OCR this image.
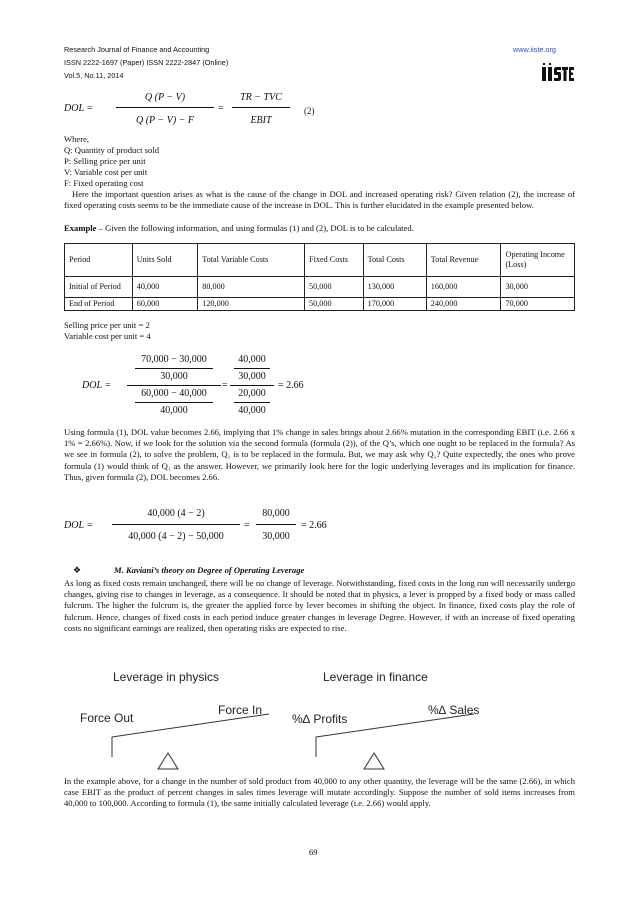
Research Journal of Finance and Accounting
ISSN 2222-1697 (Paper) ISSN 2222-2847 (Online)
Vol.5, No.11, 2014
www.iiste.org
DOL =
Q (P − V)
Q (P − V) − F
=
TR − TVC
EBIT
(2)
Where,
Q: Quantity of product sold
P: Selling price per unit
V: Variable cost per unit
F: Fixed operating cost
Here the important question arises as what is the cause of the change in DOL and increased operating risk? Given relation (2), the increase of fixed operating costs seems to be the immediate cause of the increase in DOL. This is further elucidated in the example presented below.
Example – Given the following information, and using formulas (1) and (2), DOL is to be calculated.
Period	Units Sold	Total Variable Costs	Fixed Costs	Total Costs	Total Revenue	Operating Income (Loss)
Initial of Period	40,000	80,000	50,000	130,000	160,000	30,000
End of Period	60,000	120,000	50,000	170,000	240,000	70,000
Selling price per unit = 2
Variable cost per unit = 4
DOL =
70,000 − 30,000
30,000
60,000 − 40,000
40,000
=
40,000
30,000
20,000
40,000
= 2.66
Using formula (1), DOL value becomes 2.66, implying that 1% change in sales brings about 2.66% mutation in the corresponding EBIT (i.e. 2.66 x 1% = 2.66%). Now, if we look for the solution via the second formula (formula (2)), of the Q’s, which one ought to be replaced in the formula? As we see in formula (2), to solve the problem, Q₁ is to be replaced in the formula. But, we may ask why Q₁? Quite expectedly, the ones who prove formula (1) would think of Q₁ as the answer. However, we primarily look here for the logic underlying leverages and its implication for finance. Thus, given formula (2), DOL becomes 2.66.
DOL =
40,000 (4 − 2)
40,000 (4 − 2) − 50,000
=
80,000
30,000
= 2.66
❖	M. Kaviani’s theory on Degree of Operating Leverage
As long as fixed costs remain unchanged, there will be no change of leverage. Notwithstanding, fixed costs in the long run will necessarily undergo changes, giving rise to changes in leverage, as a consequence. It should be noted that in physics, a lever is propped by a fixed body or mass called fulcrum. The higher the fulcrum is, the greater the applied force by lever becomes in shifting the object. In finance, fixed costs play the role of fulcrum. Hence, changes of fixed costs in each period induce greater changes in leverage Degree. However, if with an increase of fixed operating costs no significant earnings are realized, then operating risks are expected to rise.
Leverage in physics	Leverage in finance
Force Out
Force In
%∆ Profits
%∆ Sales
In the example above, for a change in the number of sold product from 40,000 to any other quantity, the leverage will be the same (2.66), in which case EBIT as the product of percent changes in sales times leverage will mutate accordingly. Suppose the number of sold items increases from 40,000 to 100,000. According to formula (1), the same initially calculated leverage (i.e. 2.66) would apply.
69
